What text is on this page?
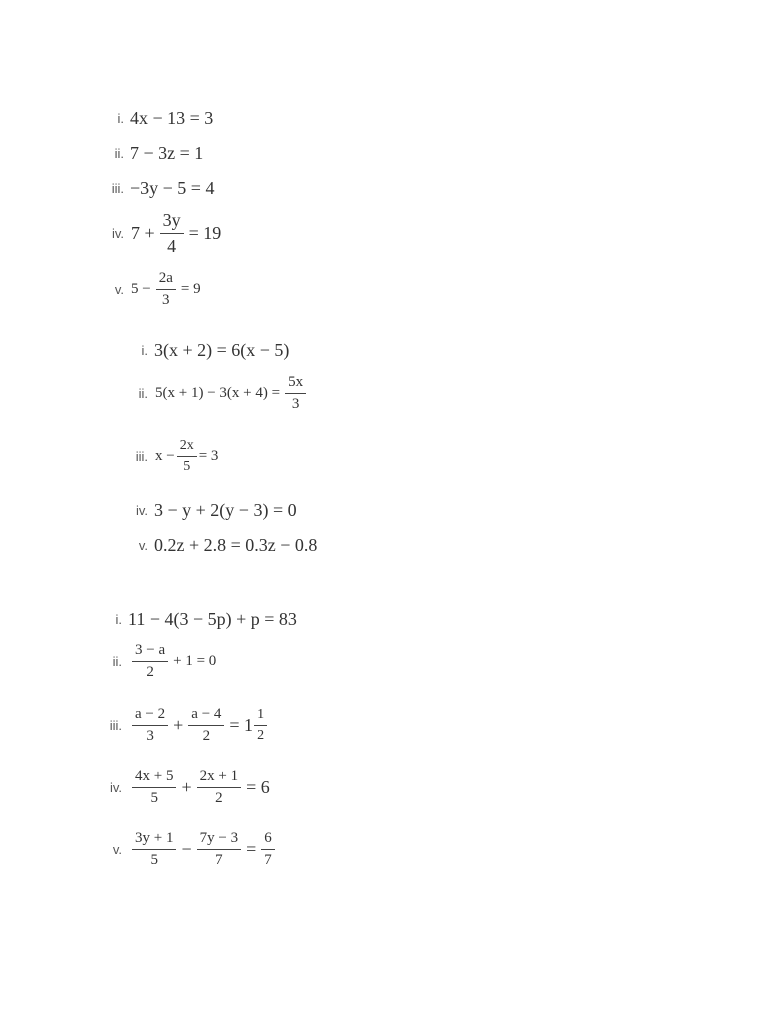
i. 4x − 13 = 3
ii. 7 − 3z = 1
iii. −3y − 5 = 4
iv. $7 + \frac{3y}{4} = 19$
v. $5 - \frac{2a}{3} = 9$
i. 3(x + 2) = 6(x − 5)
ii. $5(x + 1) - 3(x + 4) = \frac{5x}{3}$
iii. $x - \frac{2x}{5} = 3$
iv. 3 − y + 2(y − 3) = 0
v. 0.2z + 2.8 = 0.3z − 0.8
i. 11 − 4(3 − 5p) + p = 83
ii. $\frac{3 - a}{2} + 1 = 0$
iii. $\frac{a - 2}{3} + \frac{a - 4}{2} = 1 \frac{1}{2}$
iv. $\frac{4x + 5}{5} + \frac{2x + 1}{2} = 6$
v. $\frac{3y + 1}{5} - \frac{7y - 3}{7} = \frac{6}{7}$
